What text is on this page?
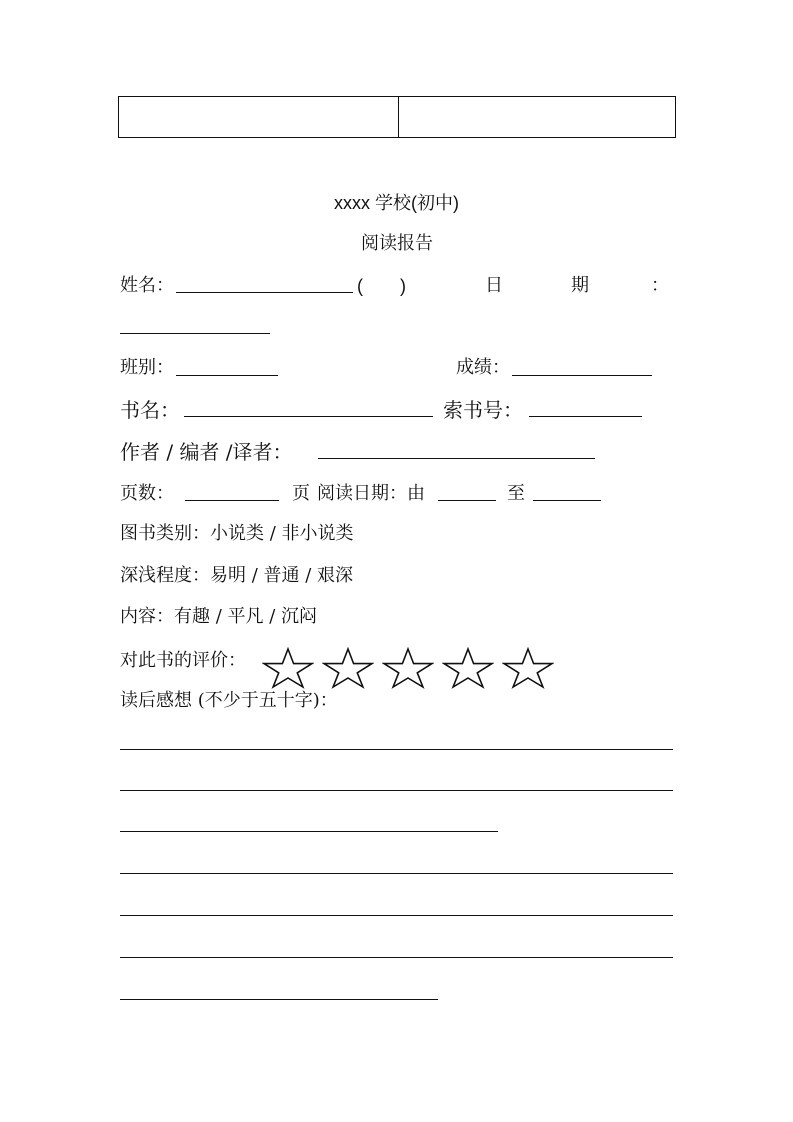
xxxx 学校(初中)
阅读报告
姓名：	( )	日	期	：
班别：	成绩：
书名：	索书号：
作者 / 编者 /译者：
页数：	页 阅读日期：由	至
图书类别：小说类 / 非小说类
深浅程度：易明 / 普通 / 艰深
内容：有趣 / 平凡 / 沉闷
对此书的评价：
读后感想 (不少于五十字)：
